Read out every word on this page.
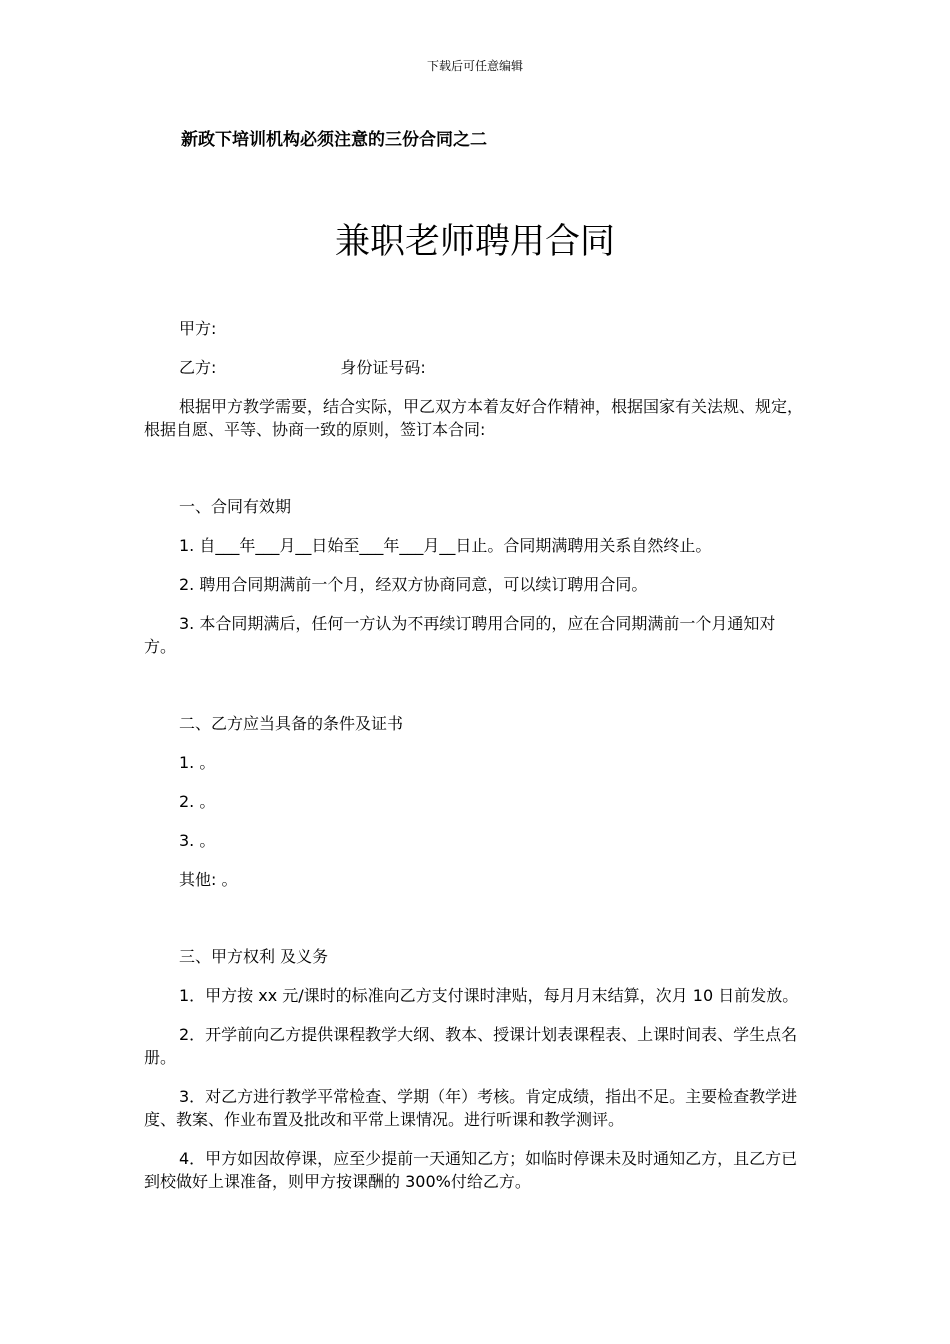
下载后可任意编辑
新政下培训机构必须注意的三份合同之二
兼职老师聘用合同

甲方:

乙方:	身份证号码:

根据甲方教学需要，结合实际，甲乙双方本着友好合作精神，根据国家有关法规、规定，根据自愿、平等、协商一致的原则，签订本合同:

一、合同有效期

1. 自___年___月__日始至___年___月__日止。合同期满聘用关系自然终止。

2. 聘用合同期满前一个月，经双方协商同意，可以续订聘用合同。

3. 本合同期满后，任何一方认为不再续订聘用合同的，应在合同期满前一个月通知对方。

二、乙方应当具备的条件及证书

1. 。

2. 。

3. 。

其他: 。

三、甲方权利 及义务

1．甲方按 xx 元/课时的标准向乙方支付课时津贴，每月月末结算，次月 10 日前发放。

2．开学前向乙方提供课程教学大纲、教本、授课计划表课程表、上课时间表、学生点名册。

3．对乙方进行教学平常检查、学期（年）考核。肯定成绩，指出不足。主要检查教学进度、教案、作业布置及批改和平常上课情况。进行听课和教学测评。

4．甲方如因故停课，应至少提前一天通知乙方；如临时停课未及时通知乙方，且乙方已到校做好上课准备，则甲方按课酬的 300%付给乙方。
